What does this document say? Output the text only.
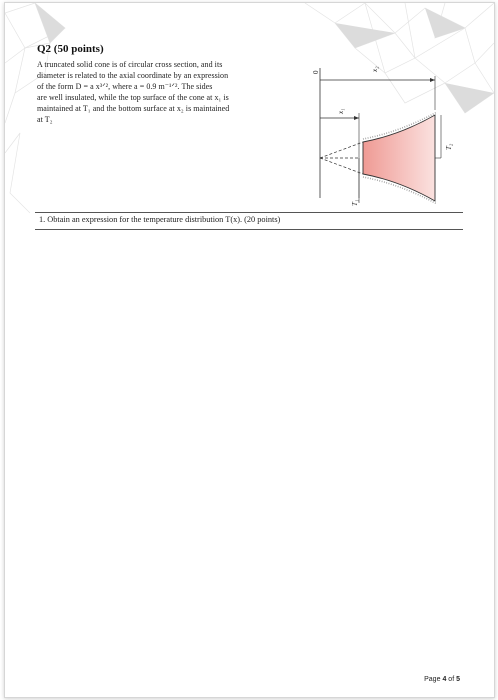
Q2 (50 points)
A truncated solid cone is of circular cross section, and its
diameter is related to the axial coordinate by an expression
of the form D = a x³ᐟ², where a = 0.9 m⁻¹ᐟ². The sides
are well insulated, while the top surface of the cone at x₁ is
maintained at T₁ and the bottom surface at x₂ is maintained
at T₂
0
x₂
x₁
T₁
T₂
1. Obtain an expression for the temperature distribution T(x). (20 points)
Page 4 of 5
